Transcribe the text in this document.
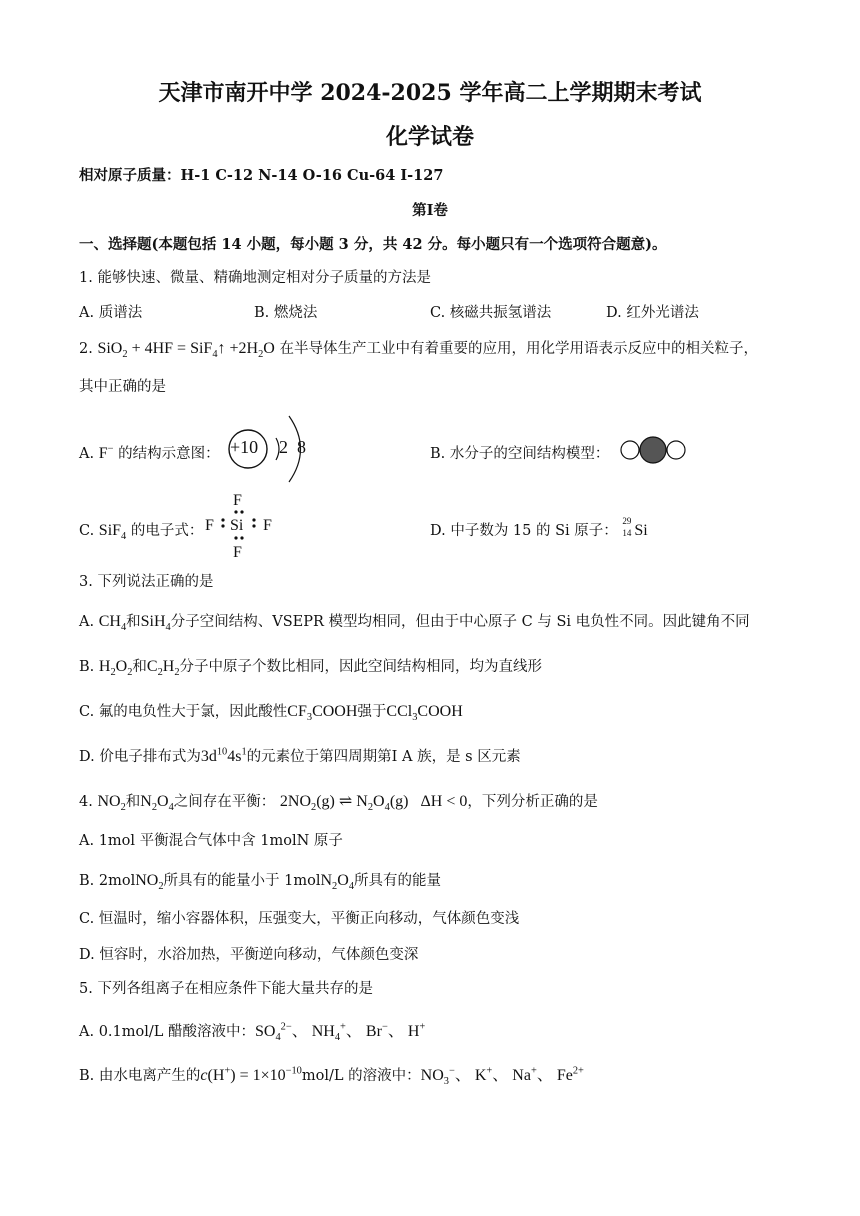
天津市南开中学 2024-2025 学年高二上学期期末考试
化学试卷
相对原子质量：H-1 C-12 N-14 O-16 Cu-64 I-127
第Ⅰ卷
一、选择题(本题包括 14 小题，每小题 3 分，共 42 分。每小题只有一个选项符合题意)。
1. 能够快速、微量、精确地测定相对分子质量的方法是
A. 质谱法	B. 燃烧法	C. 核磁共振氢谱法	D. 红外光谱法
2. SiO$_2$ + 4HF = SiF$_4$↑ $+2H_2O$ 在半导体生产工业中有着重要的应用，用化学用语表示反应中的相关粒子，
其中正确的是
A. F− 的结构示意图： +10 2 8	B. 水分子的空间结构模型：
C. SiF$_4$ 的电子式：
F
F Si F
F
D. 中子数为 15 的 Si 原子：
29
14 Si
3. 下列说法正确的是
A. $CH_4$和SiH$_4$分子空间结构、VSEPR 模型均相同，但由于中心原子 C 与 Si 电负性不同。因此键角不同
B. $H_2O_2$和$C_2H_2$分子中原子个数比相同，因此空间结构相同，均为直线形
C. 氟的电负性大于氯，因此酸性$CF_3COOH$强于CCl$_3$COOH
D. 价电子排布式为$3d^{10}4s^1$的元素位于第四周期第Ⅰ A 族，是 s 区元素
4. $NO_2$和$N_2O_4$之间存在平衡： $2NO_2(g)$ ⇌ $N_2O_4(g) \Delta H < 0$，下列分析正确的是
A. 1mol 平衡混合气体中含 1molN 原子
B. 2molNO$_2$所具有的能量小于 $1molN_2O_4$所具有的能量
C. 恒温时，缩小容器体积，压强变大，平衡正向移动，气体颜色变浅
D. 恒容时，水浴加热，平衡逆向移动，气体颜色变深
5. 下列各组离子在相应条件下能大量共存的是
A. 0.1mol/L 醋酸溶液中：$SO_4^{2-}$、 $NH_4^+$、 Br−、 H+
B. 由水电离产生的$c(H^+) = 1\times 10^{-10}mol/L$ 的溶液中：$NO_3^-$、 K+、 Na+、 $Fe^{2+}$
